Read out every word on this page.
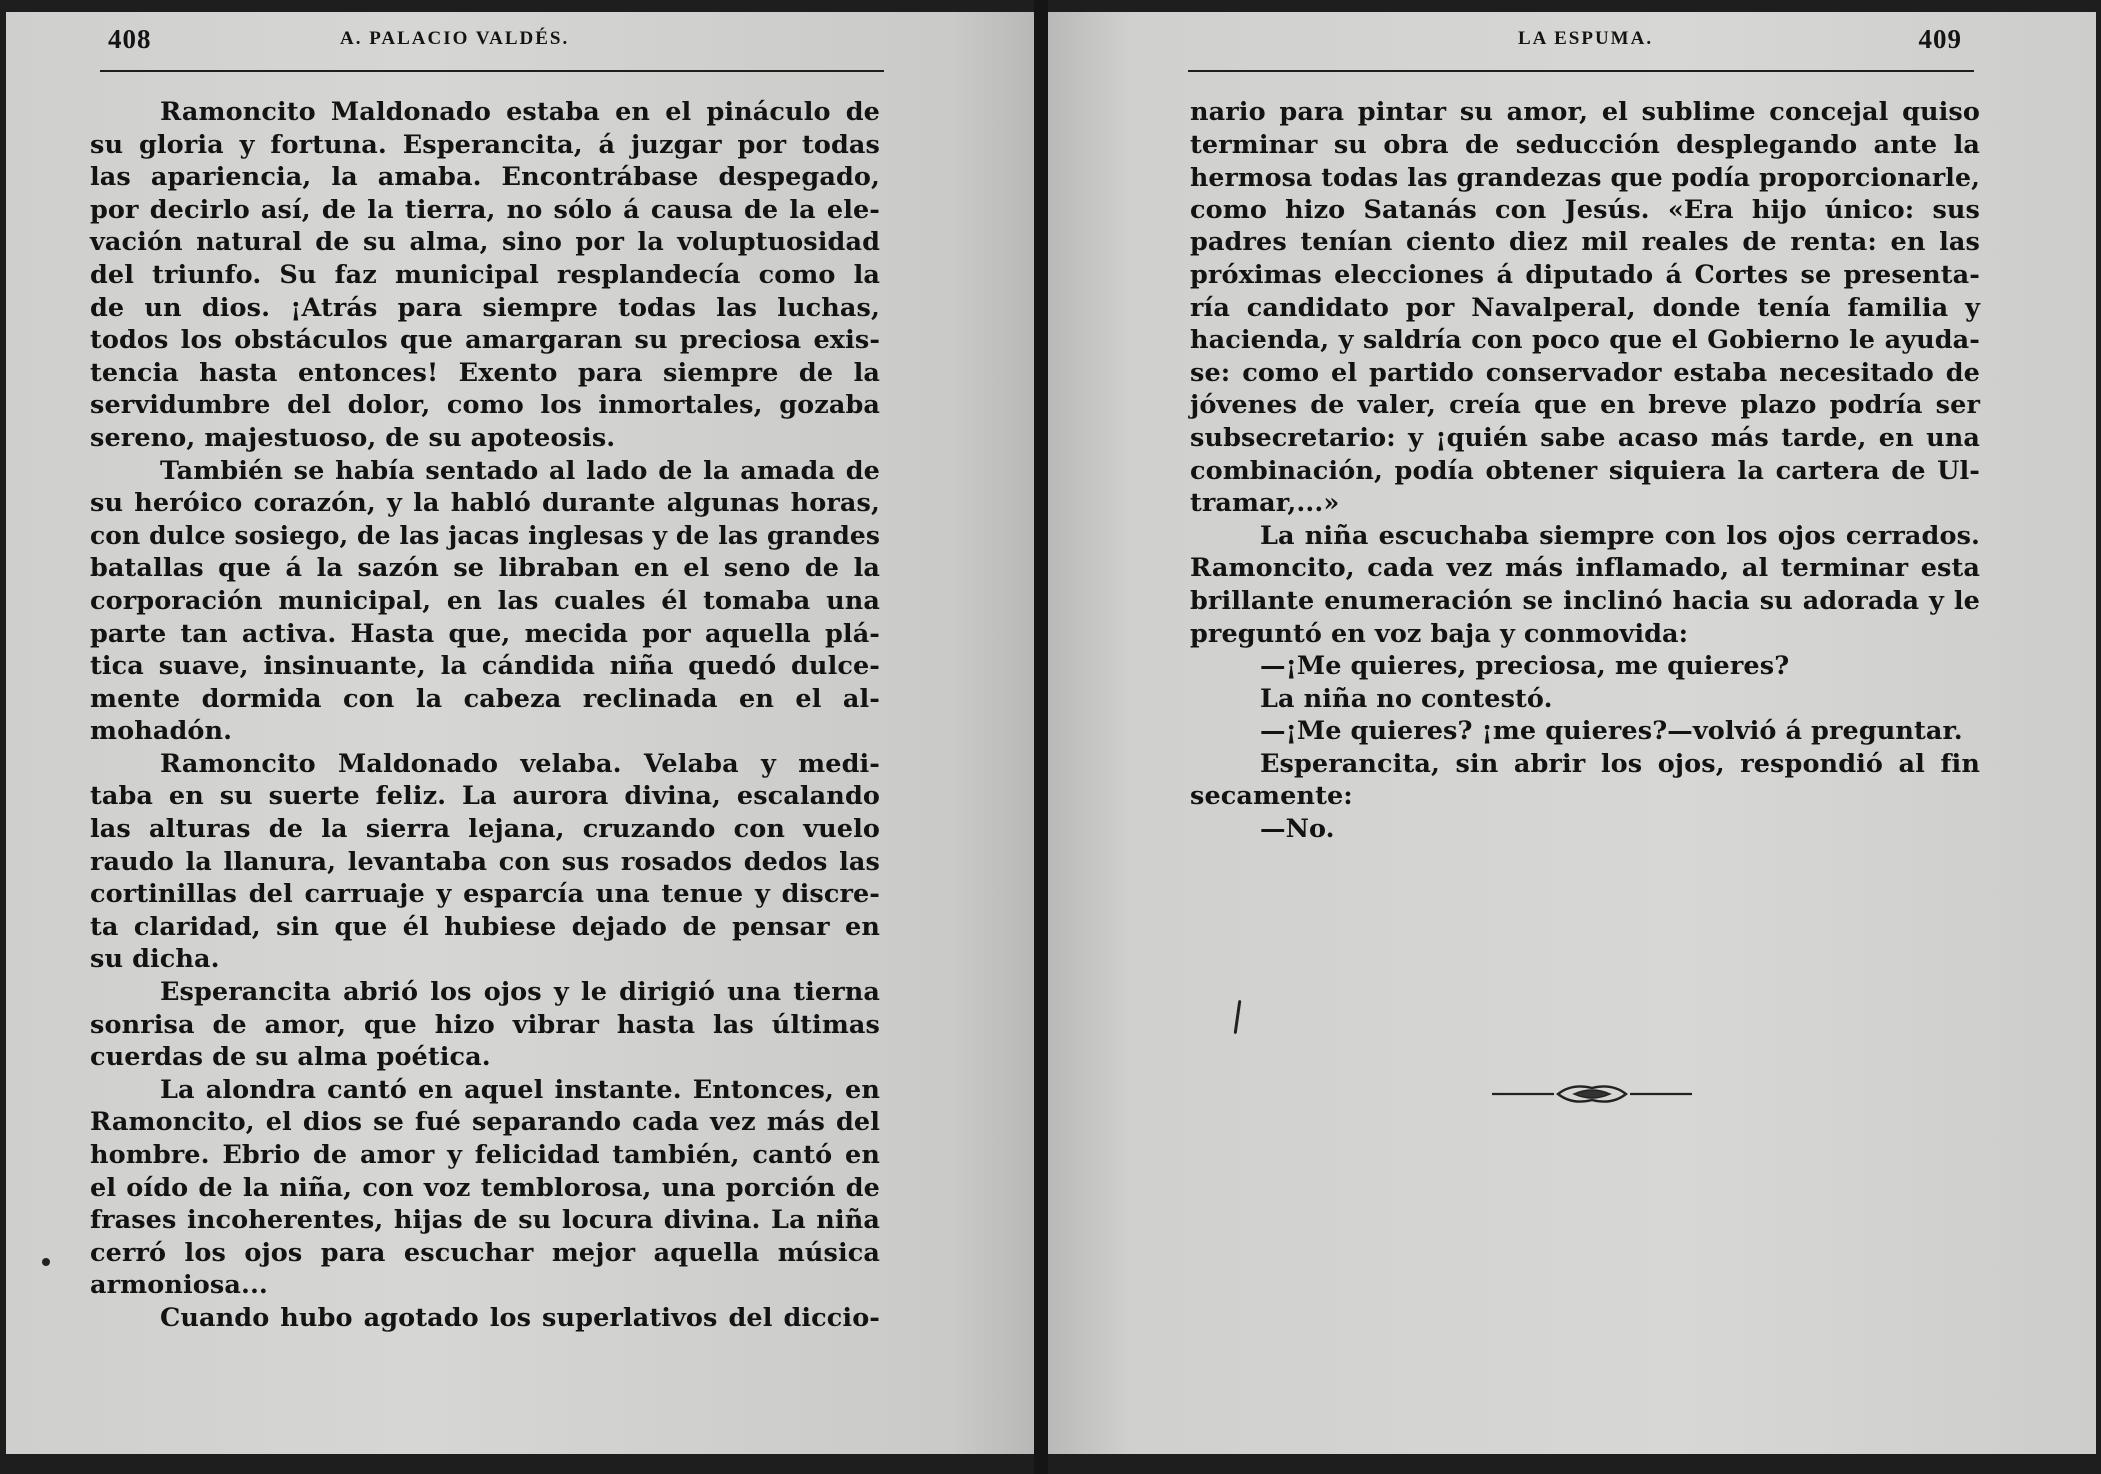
408	A. PALACIO VALDÉS.	LA ESPUMA.	409
Ramoncito Maldonado estaba en el pináculo de
su gloria y fortuna. Esperancita, á juzgar por todas
las apariencia, la amaba. Encontrábase despegado,
por decirlo así, de la tierra, no sólo á causa de la ele-
vación natural de su alma, sino por la voluptuosidad
del triunfo. Su faz municipal resplandecía como la
de un dios. ¡Atrás para siempre todas las luchas,
todos los obstáculos que amargaran su preciosa exis-
tencia hasta entonces! Exento para siempre de la
servidumbre del dolor, como los inmortales, gozaba
sereno, majestuoso, de su apoteosis.
También se había sentado al lado de la amada de
su heróico corazón, y la habló durante algunas horas,
con dulce sosiego, de las jacas inglesas y de las grandes
batallas que á la sazón se libraban en el seno de la
corporación municipal, en las cuales él tomaba una
parte tan activa. Hasta que, mecida por aquella plá-
tica suave, insinuante, la cándida niña quedó dulce-
mente dormida con la cabeza reclinada en el al-
mohadón.
Ramoncito Maldonado velaba. Velaba y medi-
taba en su suerte feliz. La aurora divina, escalando
las alturas de la sierra lejana, cruzando con vuelo
raudo la llanura, levantaba con sus rosados dedos las
cortinillas del carruaje y esparcía una tenue y discre-
ta claridad, sin que él hubiese dejado de pensar en
su dicha.
Esperancita abrió los ojos y le dirigió una tierna
sonrisa de amor, que hizo vibrar hasta las últimas
cuerdas de su alma poética.
La alondra cantó en aquel instante. Entonces, en
Ramoncito, el dios se fué separando cada vez más del
hombre. Ebrio de amor y felicidad también, cantó en
el oído de la niña, con voz temblorosa, una porción de
frases incoherentes, hijas de su locura divina. La niña
cerró los ojos para escuchar mejor aquella música
armoniosa...
Cuando hubo agotado los superlativos del diccio-
nario para pintar su amor, el sublime concejal quiso
terminar su obra de seducción desplegando ante la
hermosa todas las grandezas que podía proporcionarle,
como hizo Satanás con Jesús. «Era hijo único: sus
padres tenían ciento diez mil reales de renta: en las
próximas elecciones á diputado á Cortes se presenta-
ría candidato por Navalperal, donde tenía familia y
hacienda, y saldría con poco que el Gobierno le ayuda-
se: como el partido conservador estaba necesitado de
jóvenes de valer, creía que en breve plazo podría ser
subsecretario: y ¡quién sabe acaso más tarde, en una
combinación, podía obtener siquiera la cartera de Ul-
tramar,...»
La niña escuchaba siempre con los ojos cerrados.
Ramoncito, cada vez más inflamado, al terminar esta
brillante enumeración se inclinó hacia su adorada y le
preguntó en voz baja y conmovida:
—¡Me quieres, preciosa, me quieres?
La niña no contestó.
—¡Me quieres? ¡me quieres?—volvió á preguntar.
Esperancita, sin abrir los ojos, respondió al fin
secamente:
—No.
